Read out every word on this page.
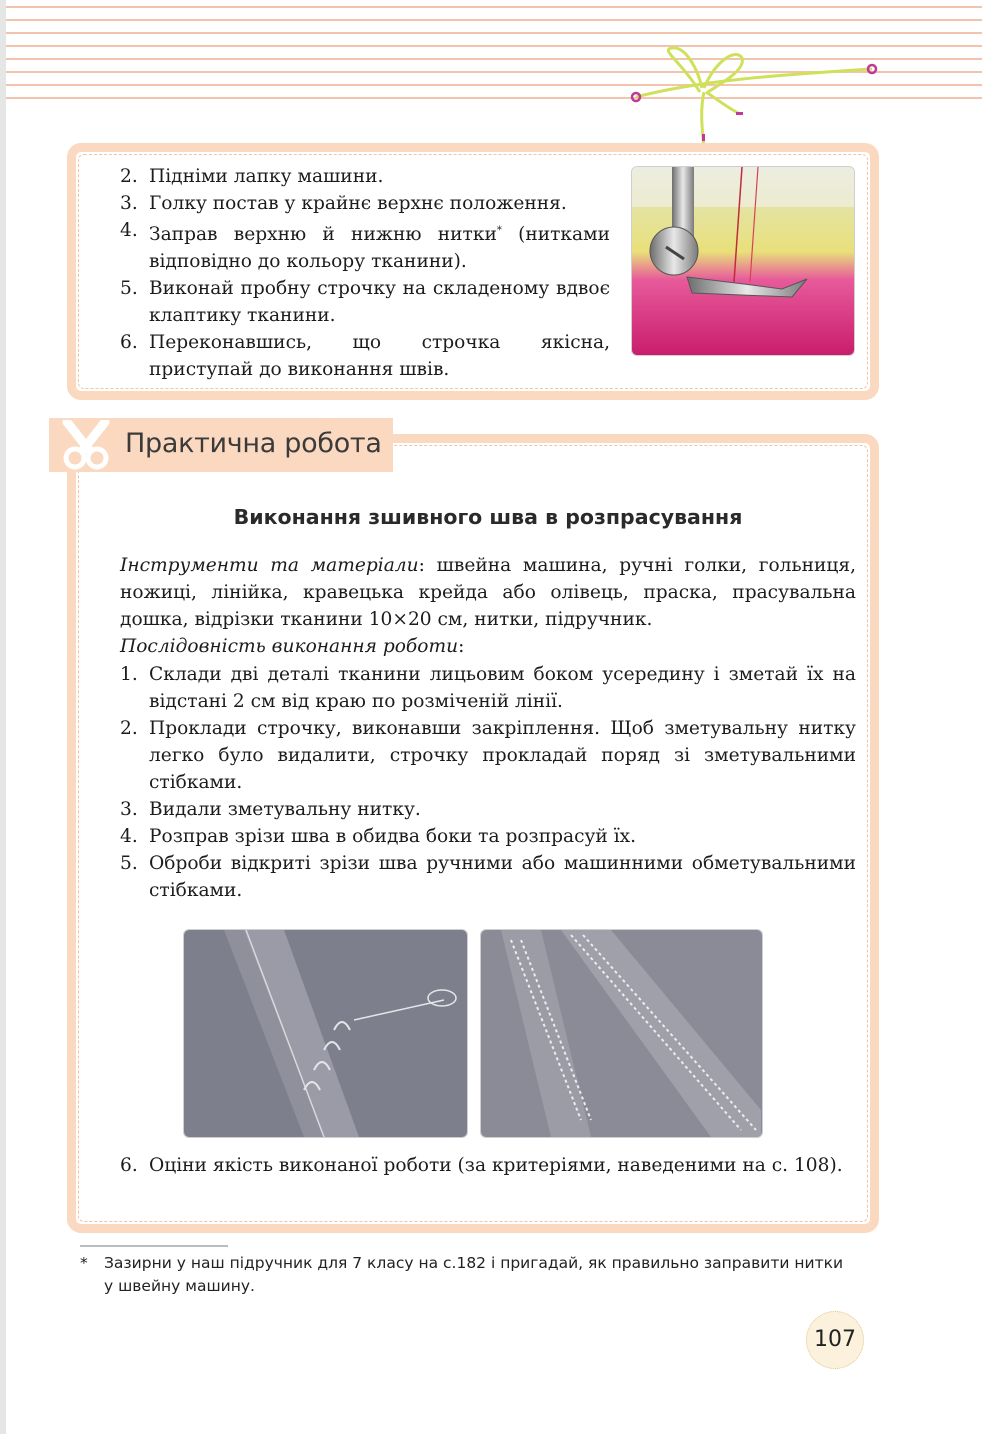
2. Підніми лапку машини.
3. Голку постав у крайнє верхнє положення.
4. Заправ верхню й нижню нитки* (нитками відповідно до кольору тканини).
5. Виконай пробну строчку на складеному вдвоє клаптику тканини.
6. Переконавшись, що строчка якісна, приступай до виконання швів.
Практична робота
Виконання зшивного шва в розпрасування
Інструменти та матеріали: швейна машина, ручні голки, гольниця, ножиці, лінійка, кравецька крейда або олівець, праска, прасувальна дошка, відрізки тканини 10×20 см, нитки, підручник.
Послідовність виконання роботи:
1. Склади дві деталі тканини лицьовим боком усередину і зметай їх на відстані 2 см від краю по розміченій лінії.
2. Проклади строчку, виконавши закріплення. Щоб зметувальну нитку легко було видалити, строчку прокладай поряд зі зметувальними стібками.
3. Видали зметувальну нитку.
4. Розправ зрізи шва в обидва боки та розпрасуй їх.
5. Оброби відкриті зрізи шва ручними або машинними обметувальними стібками.
6. Оціни якість виконаної роботи (за критеріями, наведеними на с. 108).
* Зазирни у наш підручник для 7 класу на с.182 і пригадай, як правильно заправити нитки у швейну машину.
107
